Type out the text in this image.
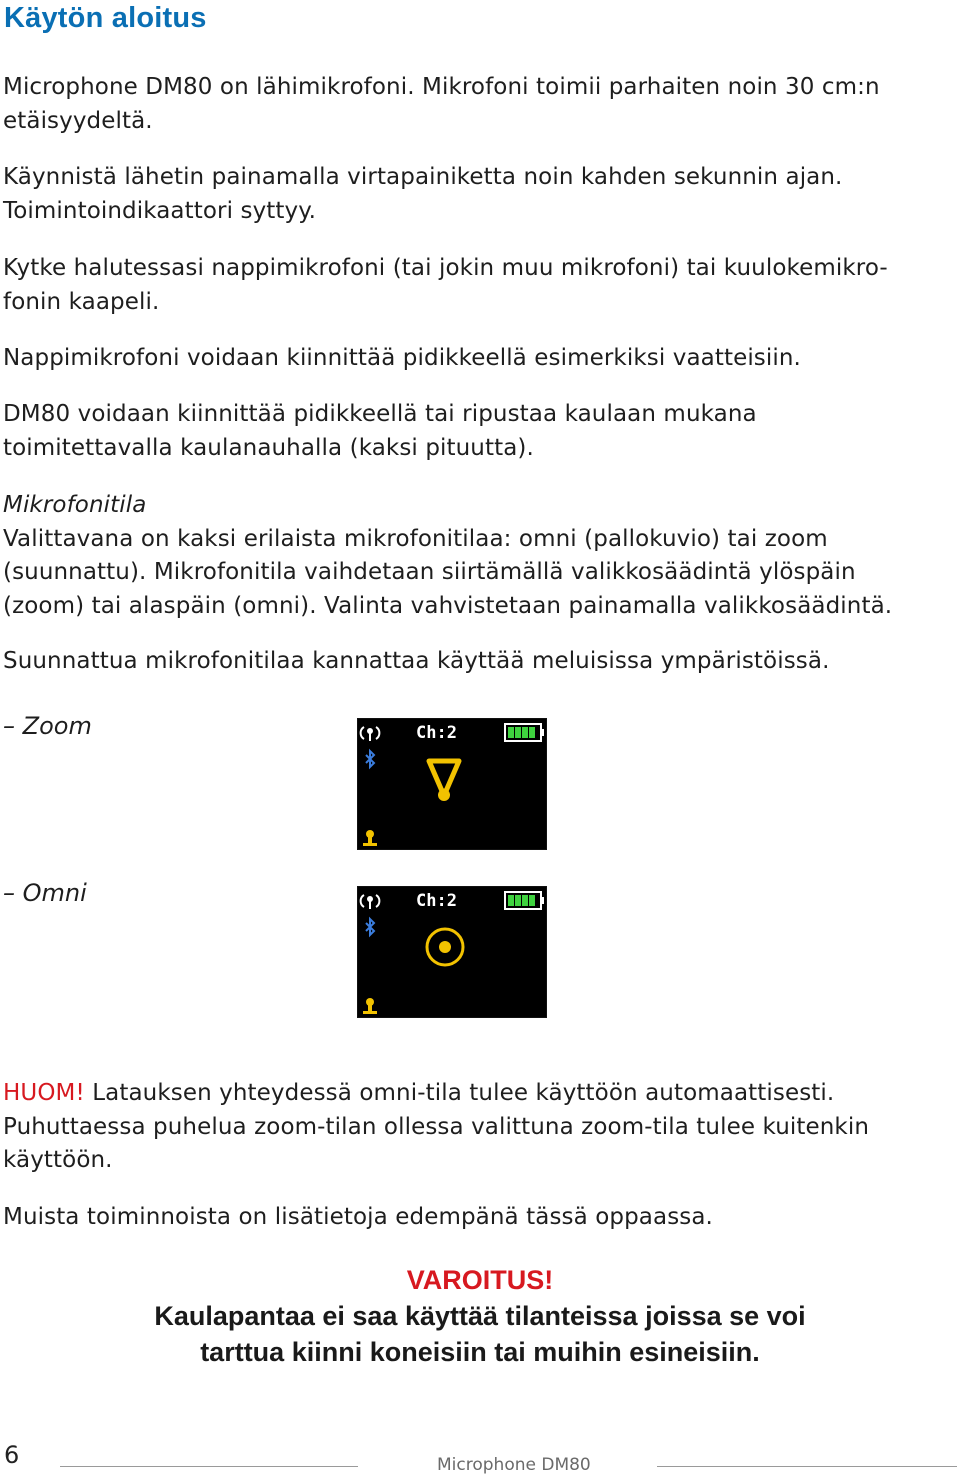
Käytön aloitus

Microphone DM80 on lähimikrofoni. Mikrofoni toimii parhaiten noin 30 cm:n

etäisyydeltä.

Käynnistä lähetin painamalla virtapainiketta noin kahden sekunnin ajan.

Toimintoindikaattori syttyy.

Kytke halutessasi nappimikrofoni (tai jokin muu mikrofoni) tai kuulokemikro-

fonin kaapeli.

Nappimikrofoni voidaan kiinnittää pidikkeellä esimerkiksi vaatteisiin.

DM80 voidaan kiinnittää pidikkeellä tai ripustaa kaulaan mukana

toimitettavalla kaulanauhalla (kaksi pituutta).

Mikrofonitila

Valittavana on kaksi erilaista mikrofonitilaa: omni (pallokuvio) tai zoom

(suunnattu). Mikrofonitila vaihdetaan siirtämällä valikkosäädintä ylöspäin

(zoom) tai alaspäin (omni). Valinta vahvistetaan painamalla valikkosäädintä.

Suunnattua mikrofonitilaa kannattaa käyttää meluisissa ympäristöissä.

– Zoom	Ch:2
– Omni	Ch:2

HUOM! Latauksen yhteydessä omni-tila tulee käyttöön automaattisesti.

Puhuttaessa puhelua zoom-tilan ollessa valittuna zoom-tila tulee kuitenkin

käyttöön.

Muista toiminnoista on lisätietoja edempänä tässä oppaassa.

VAROITUS!
Kaulapantaa ei saa käyttää tilanteissa joissa se voi
tarttua kiinni koneisiin tai muihin esineisiin.
6	Microphone DM80
